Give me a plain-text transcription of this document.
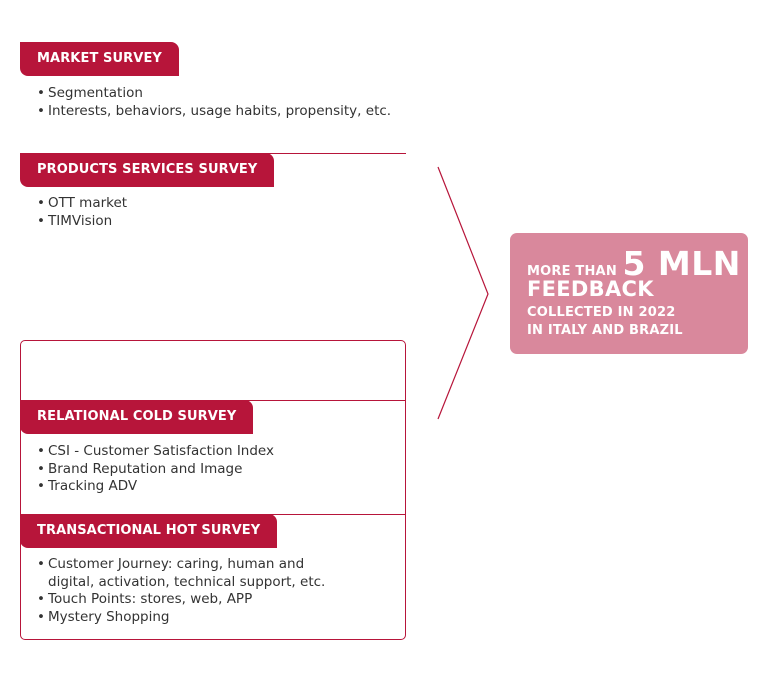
MARKET SURVEY
• Segmentation
• Interests, behaviors, usage habits, propensity, etc.
PRODUCTS SERVICES SURVEY
• OTT market
• TIMVision
RELATIONAL COLD SURVEY
• CSI - Customer Satisfaction Index
• Brand Reputation and Image
• Tracking ADV
TRANSACTIONAL HOT SURVEY
• Customer Journey: caring, human and digital, activation, technical support, etc.
• Touch Points: stores, web, APP
• Mystery Shopping
MORE THAN 5 MLN
FEEDBACK
COLLECTED IN 2022
IN ITALY AND BRAZIL
